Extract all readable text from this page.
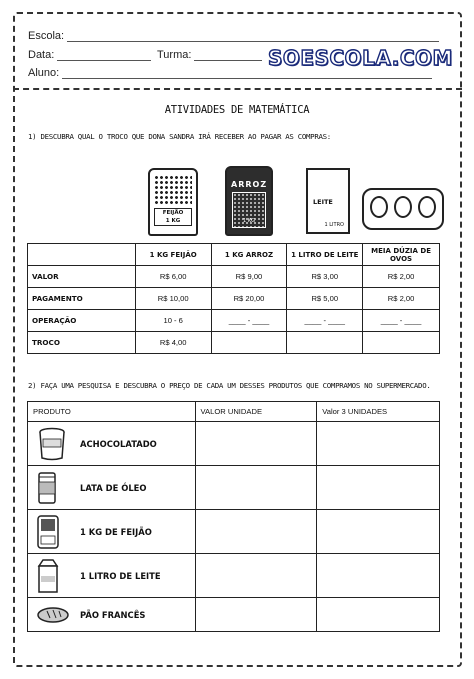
Escola:
Data:	Turma:
Aluno:
SOESCOLA.COM
ATIVIDADES DE MATEMÁTICA
1) DESCUBRA QUAL O TROCO QUE DONA SANDRA IRÁ RECEBER AO PAGAR AS COMPRAS:
FEIJÃO
1 KG
ARROZ
1 KG
LEITE
1 LITRO
	1 KG FEIJÃO	1 KG ARROZ	1 LITRO DE LEITE	MEIA DÚZIA DE OVOS
VALOR	R$ 6,00	R$ 9,00	R$ 3,00	R$ 2,00
PAGAMENTO	R$ 10,00	R$ 20,00	R$ 5,00	R$ 2,00
OPERAÇÃO	10 - 6	____ - ____	____ - ____	____ - ____
TROCO	R$ 4,00			
2) FAÇA UMA PESQUISA E DESCUBRA O PREÇO DE CADA UM DESSES PRODUTOS QUE COMPRAMOS NO SUPERMERCADO.
PRODUTO	VALOR UNIDADE	Valor 3 UNIDADES

ACHOCOLATADO		

LATA DE ÓLEO		

1 KG DE FEIJÃO		

1 LITRO DE LEITE		

PÃO FRANCÊS		
